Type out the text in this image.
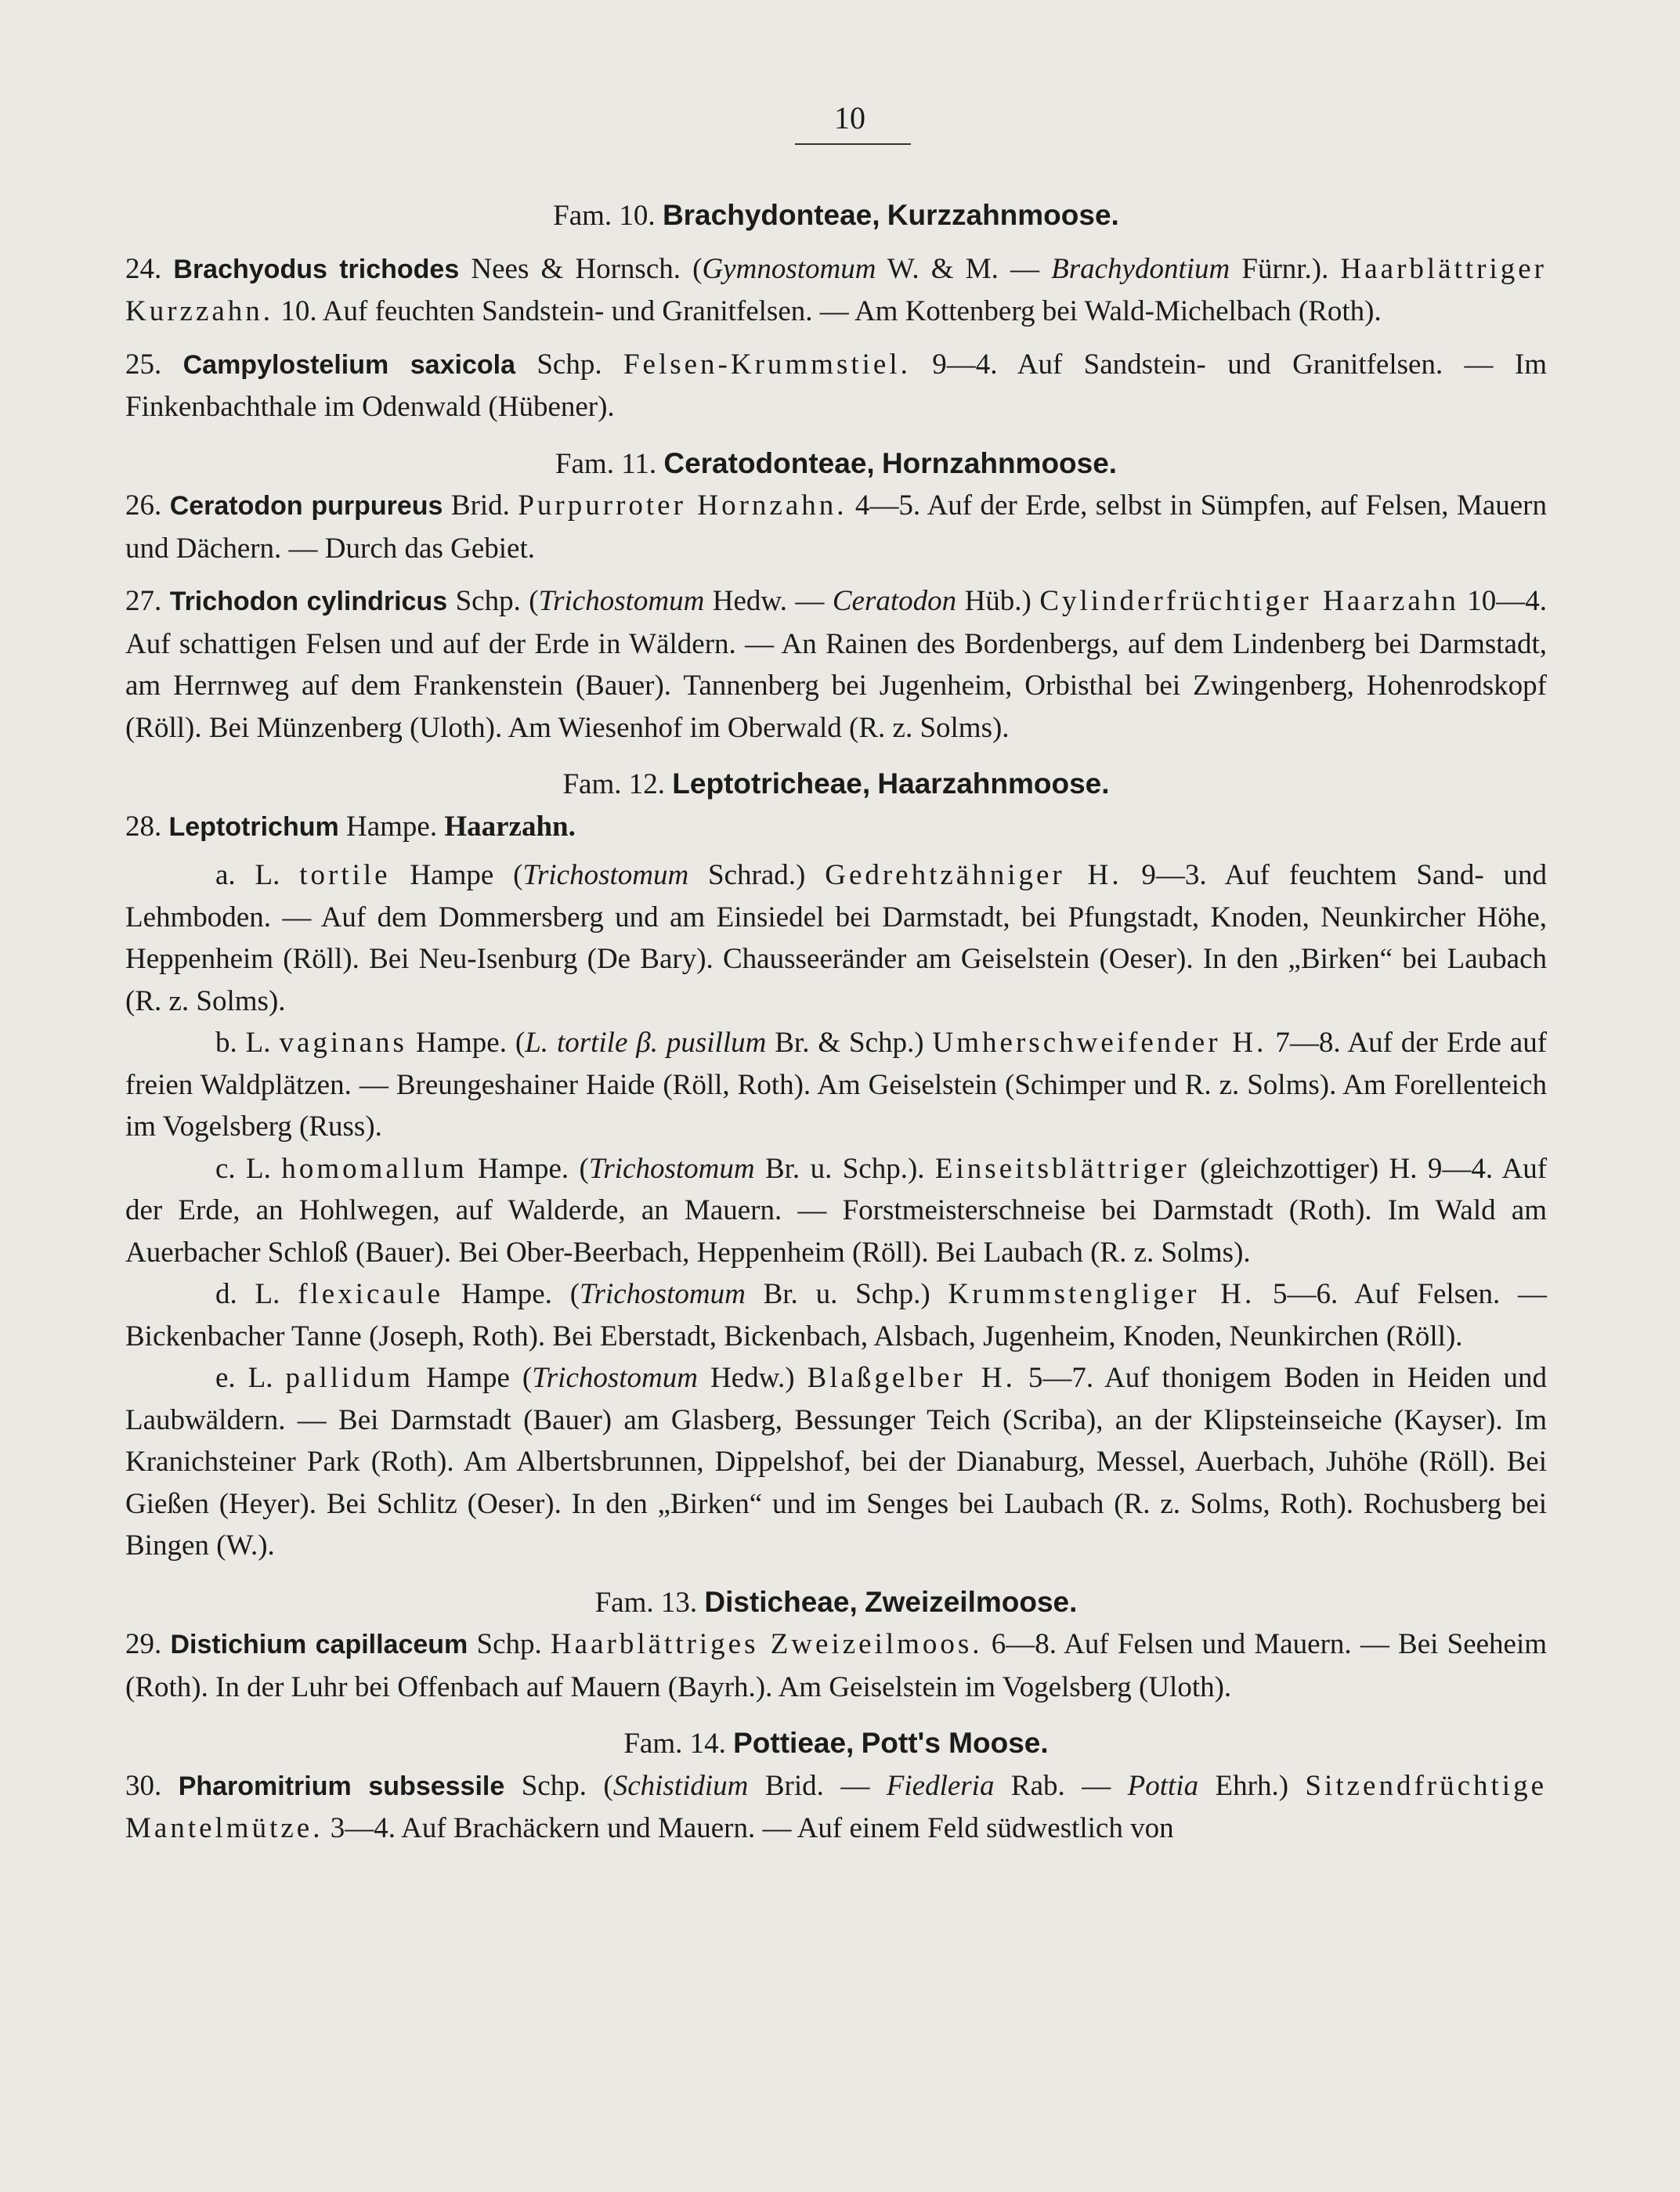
10

Fam. 10. Brachydonteae, Kurzzahnmoose.

24. Brachyodus trichodes Nees & Hornsch. (Gymnostomum W. & M. — Brachydontium Fürnr.). Haarblättriger Kurzzahn. 10. Auf feuchten Sandstein- und Granitfelsen. — Am Kottenberg bei Wald-Michelbach (Roth).

25. Campylostelium saxicola Schp. Felsen-Krummstiel. 9—4. Auf Sandstein- und Granitfelsen. — Im Finkenbachthale im Odenwald (Hübener).

Fam. 11. Ceratodonteae, Hornzahnmoose.

26. Ceratodon purpureus Brid. Purpurroter Hornzahn. 4—5. Auf der Erde, selbst in Sümpfen, auf Felsen, Mauern und Dächern. — Durch das Gebiet.

27. Trichodon cylindricus Schp. (Trichostomum Hedw. — Ceratodon Hüb.) Cylinderfrüchtiger Haarzahn 10—4. Auf schattigen Felsen und auf der Erde in Wäldern. — An Rainen des Bordenbergs, auf dem Lindenberg bei Darmstadt, am Herrnweg auf dem Frankenstein (Bauer). Tannenberg bei Jugenheim, Orbisthal bei Zwingenberg, Hohenrodskopf (Röll). Bei Münzenberg (Uloth). Am Wiesenhof im Oberwald (R. z. Solms).

Fam. 12. Leptotricheae, Haarzahnmoose.

28. Leptotrichum Hampe. Haarzahn.

a. L. tortile Hampe (Trichostomum Schrad.) Gedrehtzähniger H. 9—3. Auf feuchtem Sand- und Lehmboden. — Auf dem Dommersberg und am Einsiedel bei Darmstadt, bei Pfungstadt, Knoden, Neunkircher Höhe, Heppenheim (Röll). Bei Neu-Isenburg (De Bary). Chausseeränder am Geiselstein (Oeser). In den „Birken“ bei Laubach (R. z. Solms).

b. L. vaginans Hampe. (L. tortile β. pusillum Br. & Schp.) Umherschweifender H. 7—8. Auf der Erde auf freien Waldplätzen. — Breungeshainer Haide (Röll, Roth). Am Geiselstein (Schimper und R. z. Solms). Am Forellenteich im Vogelsberg (Russ).

c. L. homomallum Hampe. (Trichostomum Br. u. Schp.). Einseitsblättriger (gleichzottiger) H. 9—4. Auf der Erde, an Hohlwegen, auf Walderde, an Mauern. — Forstmeisterschneise bei Darmstadt (Roth). Im Wald am Auerbacher Schloß (Bauer). Bei Ober-Beerbach, Heppenheim (Röll). Bei Laubach (R. z. Solms).

d. L. flexicaule Hampe. (Trichostomum Br. u. Schp.) Krummstengliger H. 5—6. Auf Felsen. — Bickenbacher Tanne (Joseph, Roth). Bei Eberstadt, Bickenbach, Alsbach, Jugenheim, Knoden, Neunkirchen (Röll).

e. L. pallidum Hampe (Trichostomum Hedw.) Blaßgelber H. 5—7. Auf thonigem Boden in Heiden und Laubwäldern. — Bei Darmstadt (Bauer) am Glasberg, Bessunger Teich (Scriba), an der Klipsteinseiche (Kayser). Im Kranichsteiner Park (Roth). Am Albertsbrunnen, Dippelshof, bei der Dianaburg, Messel, Auerbach, Juhöhe (Röll). Bei Gießen (Heyer). Bei Schlitz (Oeser). In den „Birken“ und im Senges bei Laubach (R. z. Solms, Roth). Rochusberg bei Bingen (W.).

Fam. 13. Disticheae, Zweizeilmoose.

29. Distichium capillaceum Schp. Haarblättriges Zweizeilmoos. 6—8. Auf Felsen und Mauern. — Bei Seeheim (Roth). In der Luhr bei Offenbach auf Mauern (Bayrh.). Am Geiselstein im Vogelsberg (Uloth).

Fam. 14. Pottieae, Pott's Moose.

30. Pharomitrium subsessile Schp. (Schistidium Brid. — Fiedleria Rab. — Pottia Ehrh.) Sitzendfrüchtige Mantelmütze. 3—4. Auf Brachäckern und Mauern. — Auf einem Feld südwestlich von
